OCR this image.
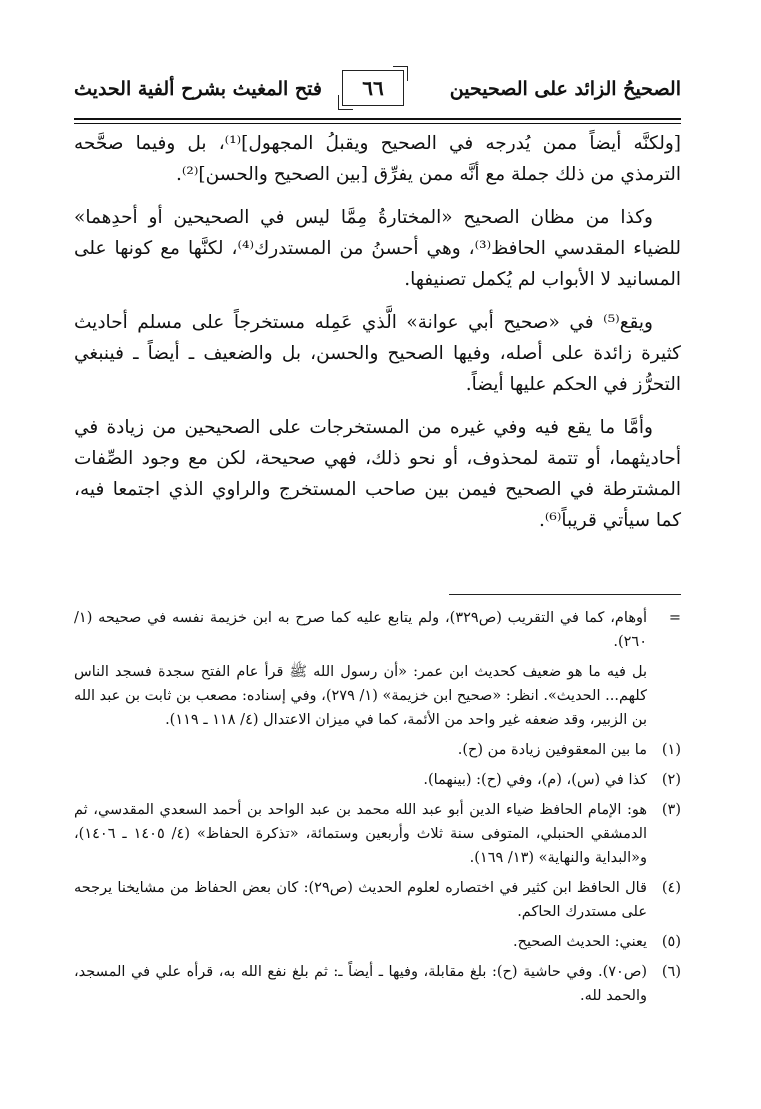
الصحيحُ الزائد على الصحيحين
٦٦
فتح المغيث بشرح ألفية الحديث

[ولكنَّه أيضاً ممن يُدرجه في الصحيح ويقبلُ المجهول]⁽¹⁾، بل وفيما صحَّحه الترمذي من ذلك جملة مع أنَّه ممن يفرِّق [بين الصحيح والحسن]⁽²⁾.

وكذا من مظان الصحيح «المختارةُ مِمَّا ليس في الصحيحين أو أحدِهما» للضياء المقدسي الحافظ⁽³⁾، وهي أحسنُ من المستدرك⁽⁴⁾، لكنَّها مع كونها على المسانيد لا الأبواب لم يُكمل تصنيفها.

ويقع⁽⁵⁾ في «صحيح أبي عوانة» الَّذي عَمِله مستخرجاً على مسلم أحاديث كثيرة زائدة على أصله، وفيها الصحيح والحسن، بل والضعيف ـ أيضاً ـ فينبغي التحرُّز في الحكم عليها أيضاً.

وأمَّا ما يقع فيه وفي غيره من المستخرجات على الصحيحين من زيادة في أحاديثهما، أو تتمة لمحذوف، أو نحو ذلك، فهي صحيحة، لكن مع وجود الصِّفات المشترطة في الصحيح فيمن بين صاحب المستخرج والراوي الذي اجتمعا فيه، كما سيأتي قريباً⁽⁶⁾.

=
أوهام، كما في التقريب (ص٣٢٩)، ولم يتابع عليه كما صرح به ابن خزيمة نفسه في صحيحه (١/ ٢٦٠).
بل فيه ما هو ضعيف كحديث ابن عمر: «أن رسول الله ﷺ قرأ عام الفتح سجدة فسجد الناس كلهم... الحديث». انظر: «صحيح ابن خزيمة» (١/ ٢٧٩)، وفي إسناده: مصعب بن ثابت بن عبد الله بن الزبير، وقد ضعفه غير واحد من الأئمة، كما في ميزان الاعتدال (٤/ ١١٨ ـ ١١٩).
(١)
ما بين المعقوفين زيادة من (ح).
(٢)
كذا في (س)، (م)، وفي (ح): (بينهما).
(٣)
هو: الإمام الحافظ ضياء الدين أبو عبد الله محمد بن عبد الواحد بن أحمد السعدي المقدسي، ثم الدمشقي الحنبلي، المتوفى سنة ثلاث وأربعين وستمائة، «تذكرة الحفاظ» (٤/ ١٤٠٥ ـ ١٤٠٦)، و«البداية والنهاية» (١٣/ ١٦٩).
(٤)
قال الحافظ ابن كثير في اختصاره لعلوم الحديث (ص٢٩): كان بعض الحفاظ من مشايخنا يرجحه على مستدرك الحاكم.
(٥)
يعني: الحديث الصحيح.
(٦)
(ص٧٠). وفي حاشية (ح): بلغ مقابلة، وفيها ـ أيضاً ـ: ثم بلغ نفع الله به، قرأه علي في المسجد، والحمد لله.
